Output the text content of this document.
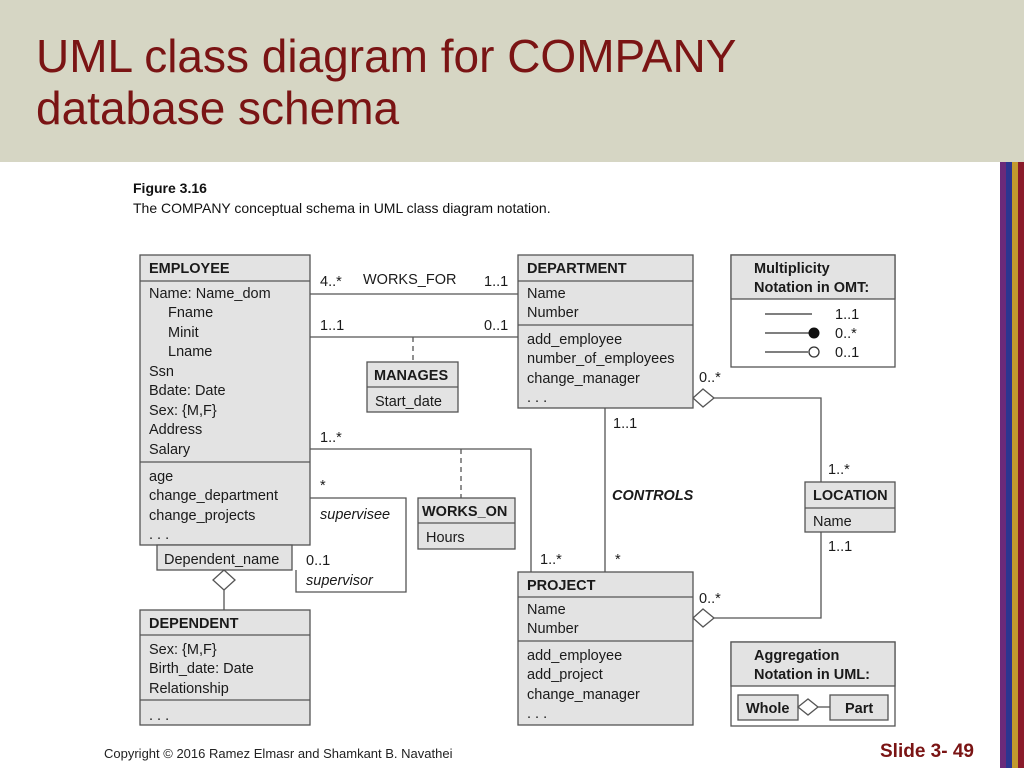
UML class diagram for COMPANY
database schema
Figure 3.16
The COMPANY conceptual schema in UML class diagram notation.
EMPLOYEE
Name: Name_dom
Fname
Minit
Lname
Ssn
Bdate: Date
Sex: {M,F}
Address
Salary
age
change_department
change_projects
. . .
Dependent_name
DEPENDENT
Sex: {M,F}
Birth_date: Date
Relationship
. . .
DEPARTMENT
Name
Number
add_employee
number_of_employees
change_manager
. . .
PROJECT
Name
Number
add_employee
add_project
change_manager
. . .
LOCATION
Name
MANAGES
Start_date
WORKS_ON
Hours
WORKS_FOR
CONTROLS
supervisee
supervisor
4..*	1..1
1..1	0..1
1..*
*
0..1	1..*
1..1
*
0..*
1..*
0..*
1..1
Multiplicity
Notation in OMT:
1..1
0..*
0..1
Aggregation
Notation in UML:
Whole	Part
Copyright © 2016 Ramez Elmasr and Shamkant B. Navathei	Slide 3- 49
